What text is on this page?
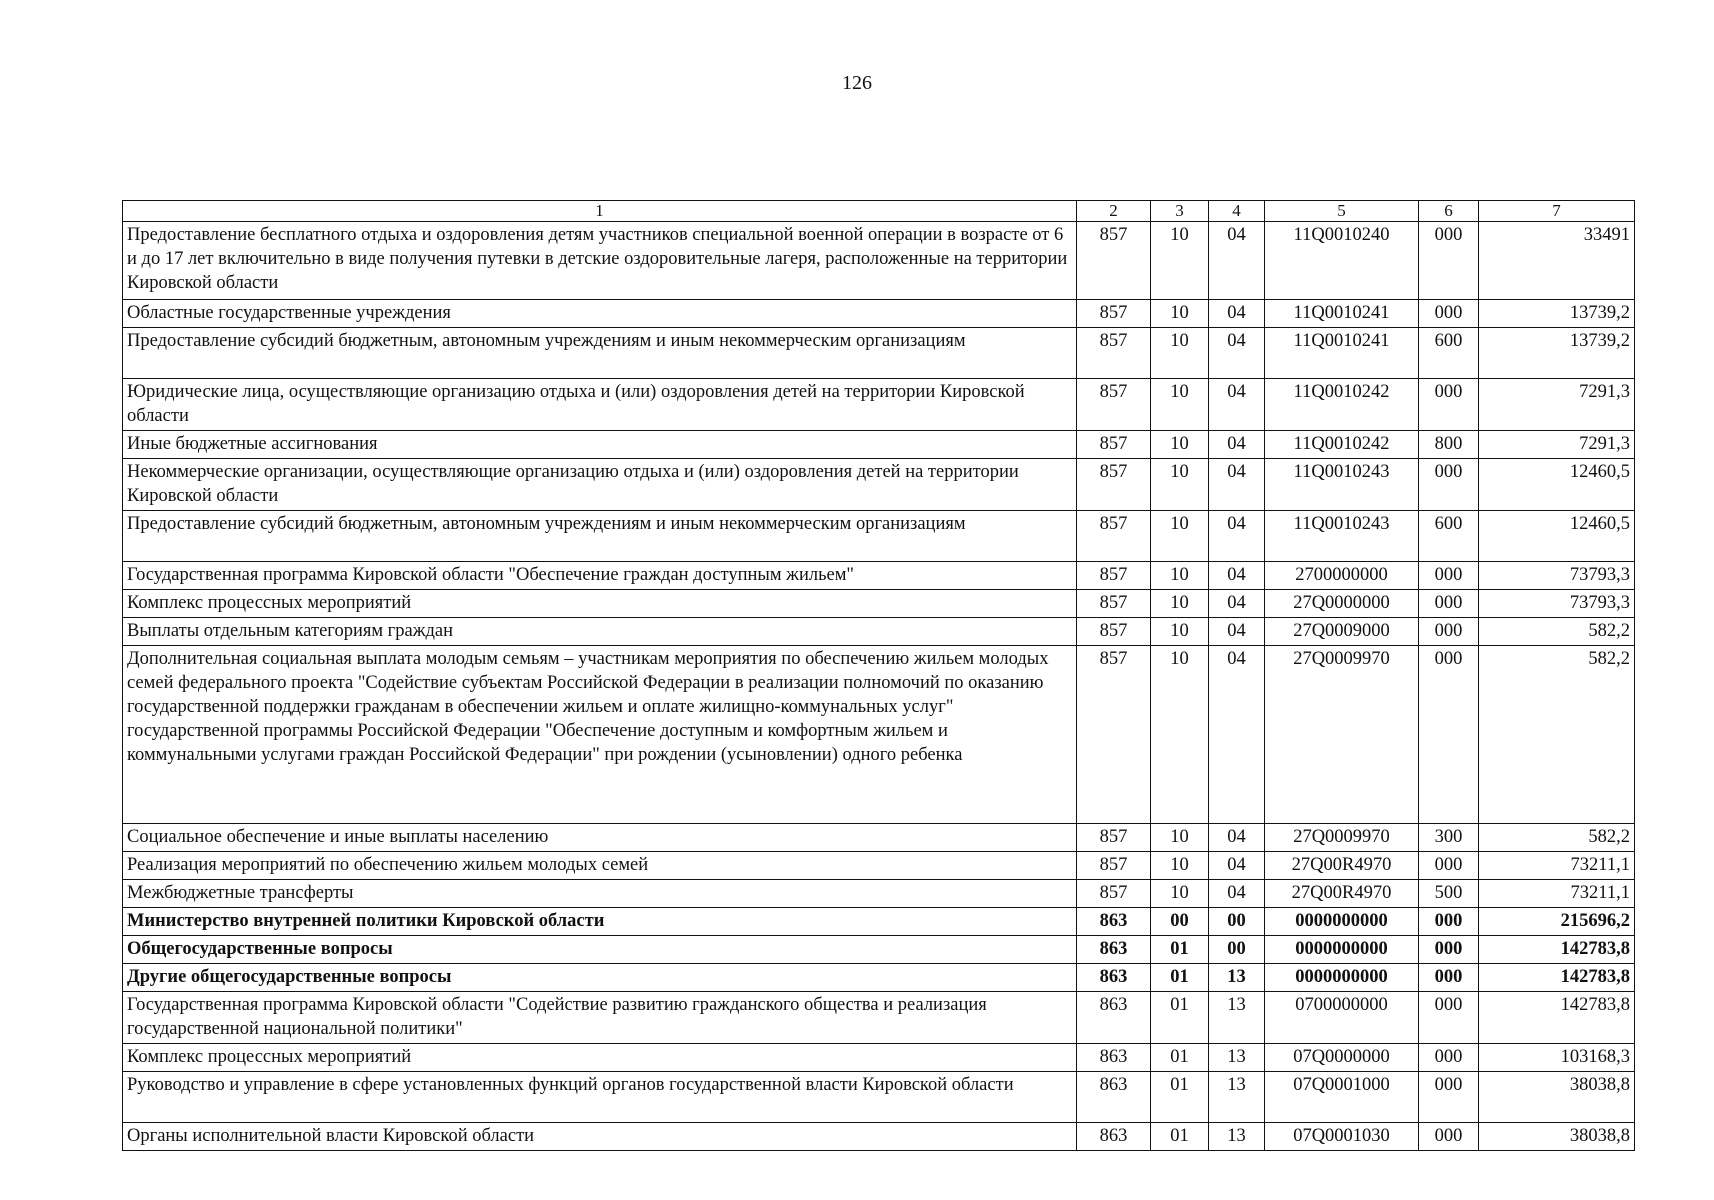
126
1	2	3	4	5	6	7
Предоставление бесплатного отдыха и оздоровления детям участников специальной военной операции в возрасте от 6 и до 17 лет включительно в виде получения путевки в детские оздоровительные лагеря, расположенные на территории Кировской области	857	10	04	11Q0010240	000	33491
Областные государственные учреждения	857	10	04	11Q0010241	000	13739,2
Предоставление субсидий бюджетным, автономным учреждениям и иным некоммерческим организациям	857	10	04	11Q0010241	600	13739,2
Юридические лица, осуществляющие организацию отдыха и (или) оздоровления детей на территории Кировской области	857	10	04	11Q0010242	000	7291,3
Иные бюджетные ассигнования	857	10	04	11Q0010242	800	7291,3
Некоммерческие организации, осуществляющие организацию отдыха и (или) оздоровления детей на территории Кировской области	857	10	04	11Q0010243	000	12460,5
Предоставление субсидий бюджетным, автономным учреждениям и иным некоммерческим организациям	857	10	04	11Q0010243	600	12460,5
Государственная программа Кировской области "Обеспечение граждан доступным жильем"	857	10	04	2700000000	000	73793,3
Комплекс процессных мероприятий	857	10	04	27Q0000000	000	73793,3
Выплаты отдельным категориям граждан	857	10	04	27Q0009000	000	582,2
Дополнительная социальная выплата молодым семьям – участникам мероприятия по обеспечению жильем молодых семей федерального проекта "Содействие субъектам Российской Федерации в реализации полномочий по оказанию государственной поддержки гражданам в обеспечении жильем и оплате жилищно-коммунальных услуг" государственной программы Российской Федерации "Обеспечение доступным и комфортным жильем и коммунальными услугами граждан Российской Федерации" при рождении (усыновлении) одного ребенка	857	10	04	27Q0009970	000	582,2
Социальное обеспечение и иные выплаты населению	857	10	04	27Q0009970	300	582,2
Реализация мероприятий по обеспечению жильем молодых семей	857	10	04	27Q00R4970	000	73211,1
Межбюджетные трансферты	857	10	04	27Q00R4970	500	73211,1
Министерство внутренней политики Кировской области	863	00	00	0000000000	000	215696,2
Общегосударственные вопросы	863	01	00	0000000000	000	142783,8
Другие общегосударственные вопросы	863	01	13	0000000000	000	142783,8
Государственная программа Кировской области "Содействие развитию гражданского общества и реализация государственной национальной политики"	863	01	13	0700000000	000	142783,8
Комплекс процессных мероприятий	863	01	13	07Q0000000	000	103168,3
Руководство и управление в сфере установленных функций органов государственной власти Кировской области	863	01	13	07Q0001000	000	38038,8
Органы исполнительной власти Кировской области	863	01	13	07Q0001030	000	38038,8
